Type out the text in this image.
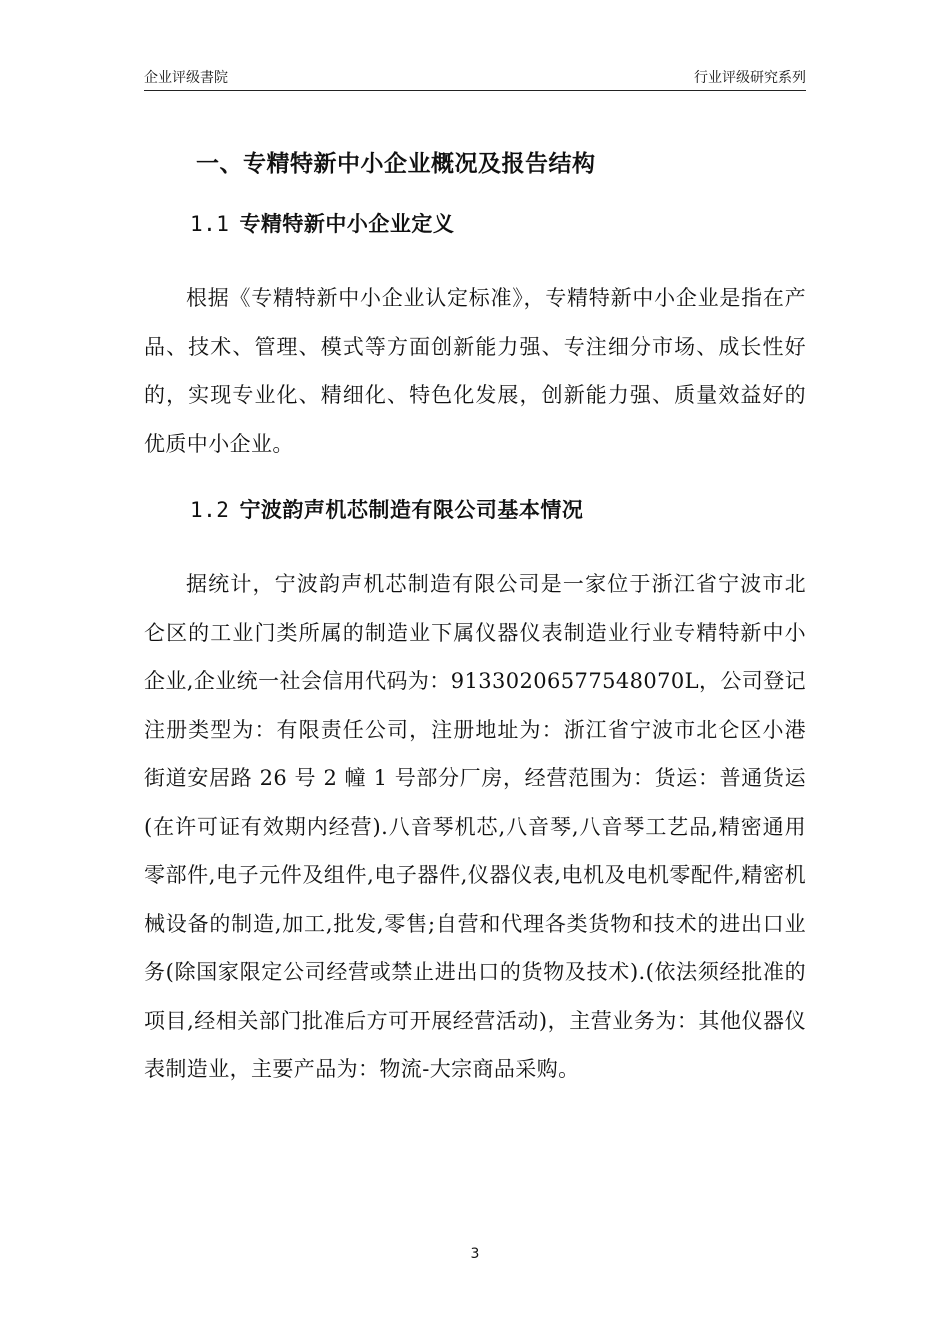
企业评级書院	行业评级研究系列
一、专精特新中小企业概况及报告结构
1.1 专精特新中小企业定义

根据《专精特新中小企业认定标准》，专精特新中小企业是指在产品、技术、管理、模式等方面创新能力强、专注细分市场、成长性好的，实现专业化、精细化、特色化发展，创新能力强、质量效益好的优质中小企业。

1.2 宁波韵声机芯制造有限公司基本情况

据统计，宁波韵声机芯制造有限公司是一家位于浙江省宁波市北仑区的工业门类所属的制造业下属仪器仪表制造业行业专精特新中小企业,企业统一社会信用代码为：91330206577548070L，公司登记注册类型为：有限责任公司，注册地址为：浙江省宁波市北仑区小港街道安居路 26 号 2 幢 1 号部分厂房，经营范围为：货运：普通货运(在许可证有效期内经营).八音琴机芯,八音琴,八音琴工艺品,精密通用零部件,电子元件及组件,电子器件,仪器仪表,电机及电机零配件,精密机械设备的制造,加工,批发,零售;自营和代理各类货物和技术的进出口业务(除国家限定公司经营或禁止进出口的货物及技术).(依法须经批准的项目,经相关部门批准后方可开展经营活动)，主营业务为：其他仪器仪表制造业，主要产品为：物流-大宗商品采购。

3
